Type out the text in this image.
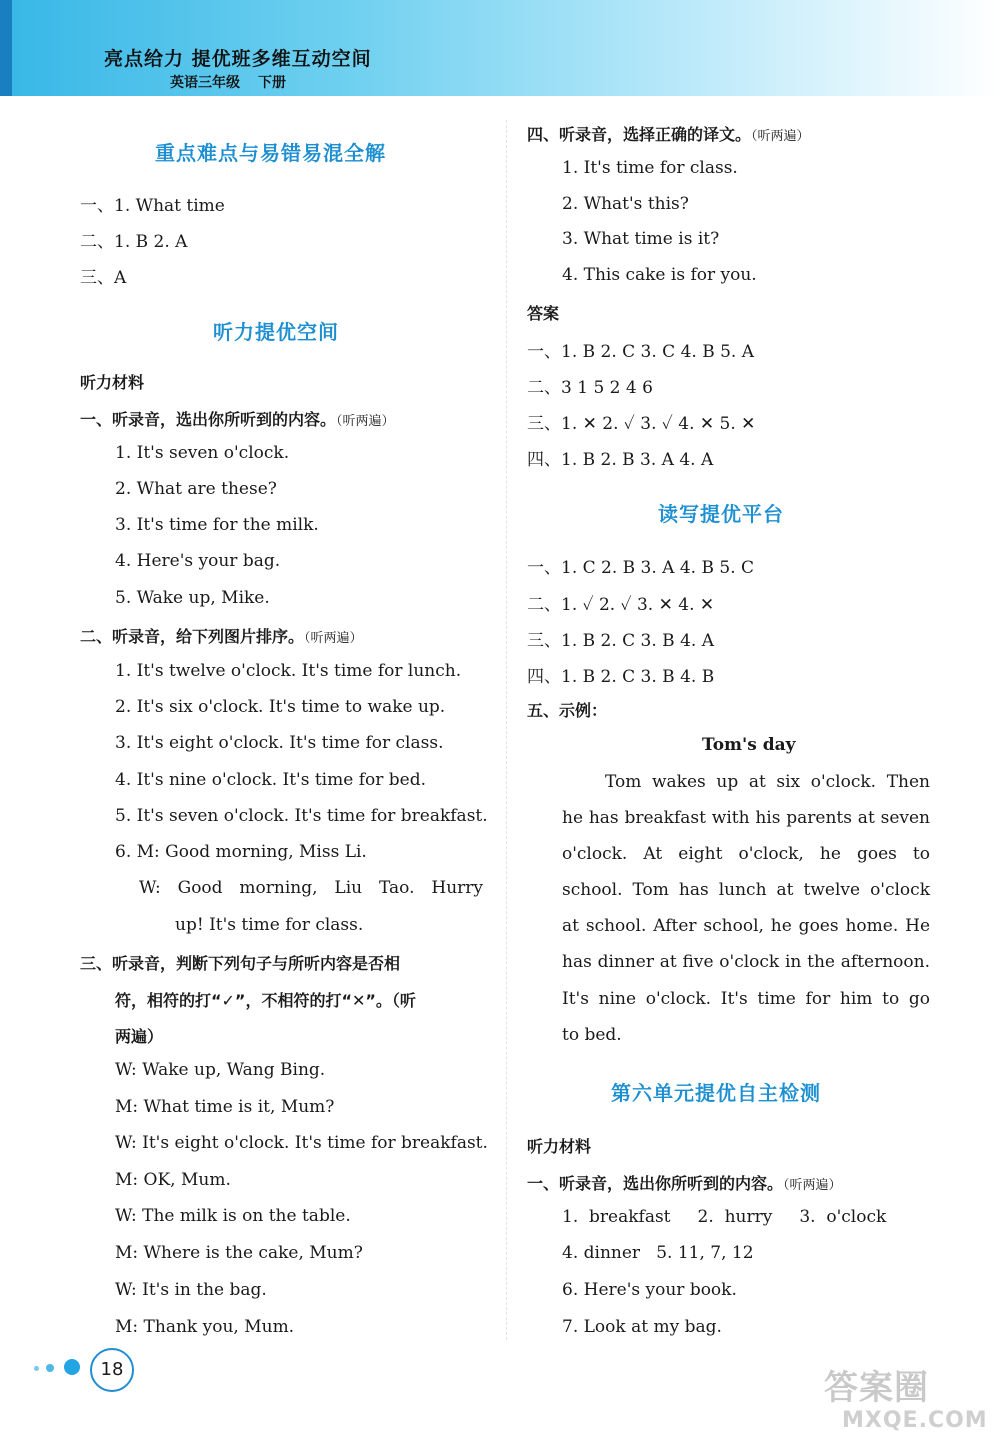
亮点给力 提优班多维互动空间
英语三年级 下册
重点难点与易错易混全解
一、1. What time
二、1. B 2. A
三、A
听力提优空间
听力材料
一、听录音，选出你所听到的内容。（听两遍）
1. It's seven o'clock.
2. What are these?
3. It's time for the milk.
4. Here's your bag.
5. Wake up, Mike.
二、听录音，给下列图片排序。（听两遍）
1. It's twelve o'clock. It's time for lunch.
2. It's six o'clock. It's time to wake up.
3. It's eight o'clock. It's time for class.
4. It's nine o'clock. It's time for bed.
5. It's seven o'clock. It's time for breakfast.
6. M: Good morning, Miss Li.
W: Good morning, Liu Tao. Hurry
up! It's time for class.
三、听录音，判断下列句子与所听内容是否相
符，相符的打“✓”，不相符的打“✕”。（听
两遍）
W: Wake up, Wang Bing.
M: What time is it, Mum?
W: It's eight o'clock. It's time for breakfast.
M: OK, Mum.
W: The milk is on the table.
M: Where is the cake, Mum?
W: It's in the bag.
M: Thank you, Mum.
四、听录音，选择正确的译文。（听两遍）
1. It's time for class.
2. What's this?
3. What time is it?
4. This cake is for you.
答案
一、1. B 2. C 3. C 4. B 5. A
二、3 1 5 2 4 6
三、1. ✕ 2. ✓ 3. ✓ 4. ✕ 5. ✕
四、1. B 2. B 3. A 4. A
读写提优平台
一、1. C 2. B 3. A 4. B 5. C
二、1. ✓ 2. ✓ 3. ✕ 4. ✕
三、1. B 2. C 3. B 4. A
四、1. B 2. C 3. B 4. B
五、示例：
Tom's day
Tom wakes up at six o'clock. Then
he has breakfast with his parents at seven
o'clock. At eight o'clock, he goes to
school. Tom has lunch at twelve o'clock
at school. After school, he goes home. He
has dinner at five o'clock in the afternoon.
It's nine o'clock. It's time for him to go
to bed.
第六单元提优自主检测
听力材料
一、听录音，选出你所听到的内容。（听两遍）
1.  breakfast     2.  hurry     3.  o'clock
4. dinner   5. 11, 7, 12
6. Here's your book.
7. Look at my bag.
18	答案圈
MXQE.COM
